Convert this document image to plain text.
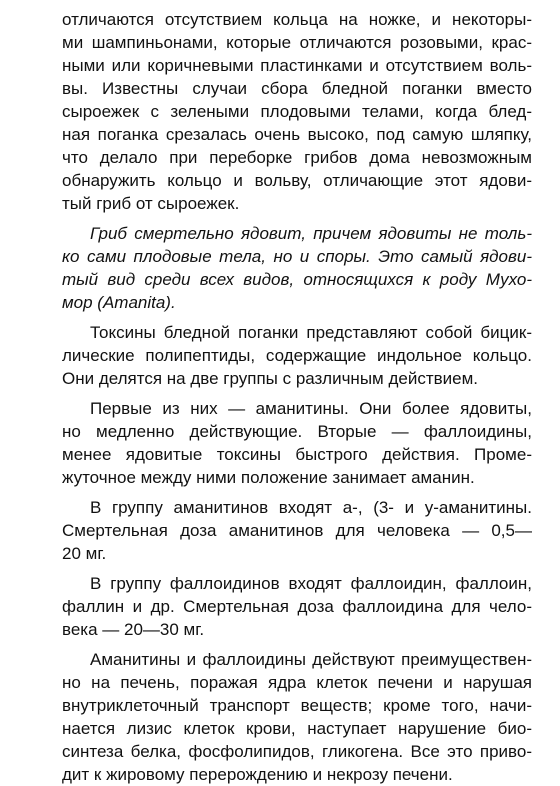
отличаются отсутствием кольца на ножке, и некоторы-
ми шампиньонами, которые отличаются розовыми, крас-
ными или коричневыми пластинками и отсутствием воль-
вы. Известны случаи сбора бледной поганки вместо
сыроежек с зелеными плодовыми телами, когда блед-
ная поганка срезалась очень высоко, под самую шляпку,
что делало при переборке грибов дома невозможным
обнаружить кольцо и вольву, отличающие этот ядови-
тый гриб от сыроежек.
Гриб смертельно ядовит, причем ядовиты не толь-
ко сами плодовые тела, но и споры. Это самый ядови-
тый вид среди всех видов, относящихся к роду Мухо-
мор (Amanita).
Токсины бледной поганки представляют собой бицик-
лические полипептиды, содержащие индольное кольцо.
Они делятся на две группы с различным действием.
Первые из них — аманитины. Они более ядовиты,
но медленно действующие. Вторые — фаллоидины,
менее ядовитые токсины быстрого действия. Проме-
жуточное между ними положение занимает аманин.
В группу аманитинов входят а-, (3- и у-аманитины.
Смертельная доза аманитинов для человека — 0,5—
20 мг.
В группу фаллоидинов входят фаллоидин, фаллоин,
фаллин и др. Смертельная доза фаллоидина для чело-
века — 20—30 мг.
Аманитины и фаллоидины действуют преимуществен-
но на печень, поражая ядра клеток печени и нарушая
внутриклеточный транспорт веществ; кроме того, начи-
нается лизис клеток крови, наступает нарушение био-
синтеза белка, фосфолипидов, гликогена. Все это приво-
дит к жировому перерождению и некрозу печени.
